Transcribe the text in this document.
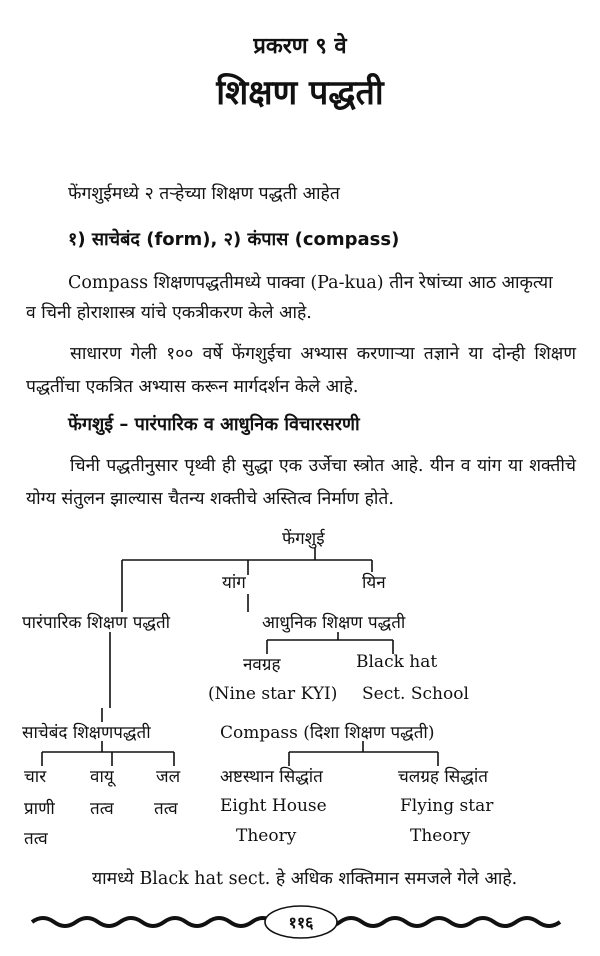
प्रकरण ९ वे
शिक्षण पद्धती
फेंगशुईमध्ये २ तऱ्हेच्या शिक्षण पद्धती आहेत
१) साचेबंद (form), २) कंपास (compass)
Compass शिक्षणपद्धतीमध्ये पाक्वा (Pa-kua) तीन रेषांच्या आठ आकृत्या
व चिनी होराशास्त्र यांचे एकत्रीकरण केले आहे.
साधारण गेली १०० वर्षे फेंगशुईचा अभ्यास करणाऱ्या तज्ञाने या दोन्ही शिक्षण पद्धतींचा एकत्रित अभ्यास करून मार्गदर्शन केले आहे.
फेंगशुई – पारंपारिक व आधुनिक विचारसरणी
चिनी पद्धतीनुसार पृथ्वी ही सुद्धा एक उर्जेचा स्त्रोत आहे. यीन व यांग या शक्तीचे योग्य संतुलन झाल्यास चैतन्य शक्तीचे अस्तित्व निर्माण होते.
फेंगशुई
यांग	यिन
पारंपारिक शिक्षण पद्धती	आधुनिक शिक्षण पद्धती
नवग्रह	Black hat
(Nine star KYI) Sect. School
साचेबंद शिक्षणपद्धती	Compass (दिशा शिक्षण पद्धती)
चार	वायू जल अष्टस्थान सिद्धांत	चलग्रह सिद्धांत
प्राणी तत्व तत्व Eight House	Flying star
तत्व	Theory	Theory
यामध्ये Black hat sect. हे अधिक शक्तिमान समजले गेले आहे.
११६
